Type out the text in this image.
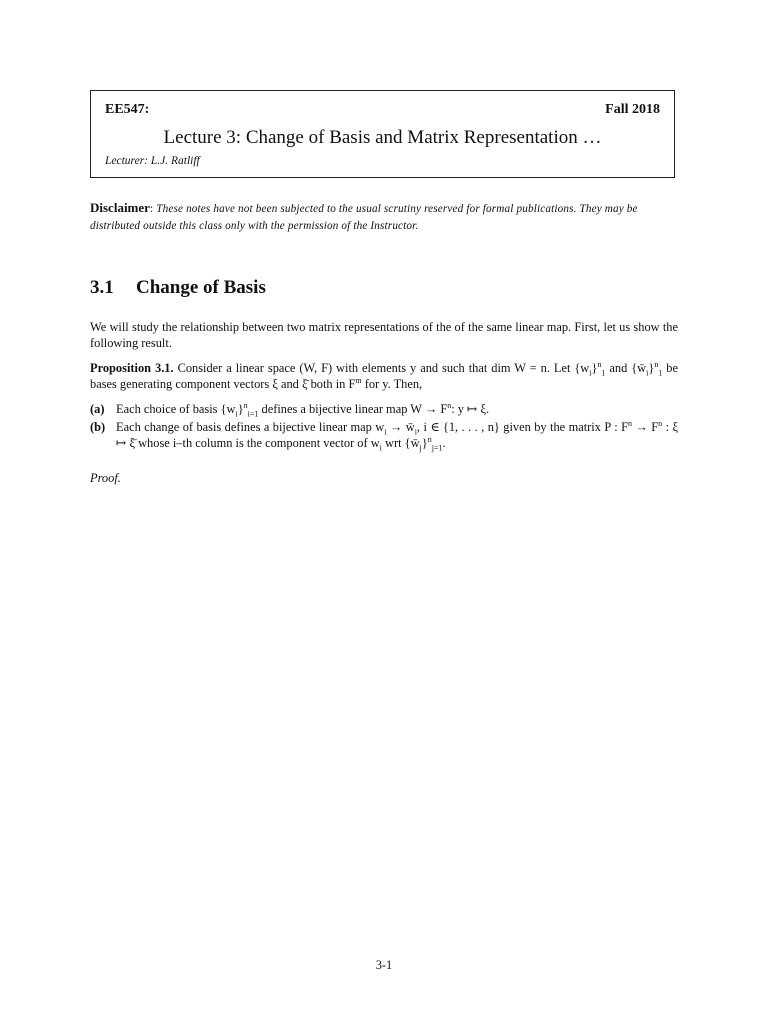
EE547:	Fall 2018
Lecture 3: Change of Basis and Matrix Representation …
Lecturer: L.J. Ratliff
Disclaimer: These notes have not been subjected to the usual scrutiny reserved for formal publications. They may be distributed outside this class only with the permission of the Instructor.
3.1 Change of Basis
We will study the relationship between two matrix representations of the of the same linear map. First, let us show the following result.
Proposition 3.1. Consider a linear space (W, F) with elements y and such that dim W = n. Let $\{w_i\}^n_1$ and $\{w̄_i\}^n_1$ be bases generating component vectors ξ and ξ̄ both in $F^m$ for y. Then,
(a) Each choice of basis $\{w_i\}^n_{i=1}$ defines a bijective linear map $W \to F^n$: y ↦ ξ.
(b) Each change of basis defines a bijective linear map $w_i$ → $w̄_i$, i ∈ {1, . . . , n} given by the matrix P : $F^n \to F^n$ : ξ ↦ ξ̄ whose i–th column is the component vector of $w_i$ wrt $\{w̄_j\}^n_{j=1}$.
Proof.
3-1
